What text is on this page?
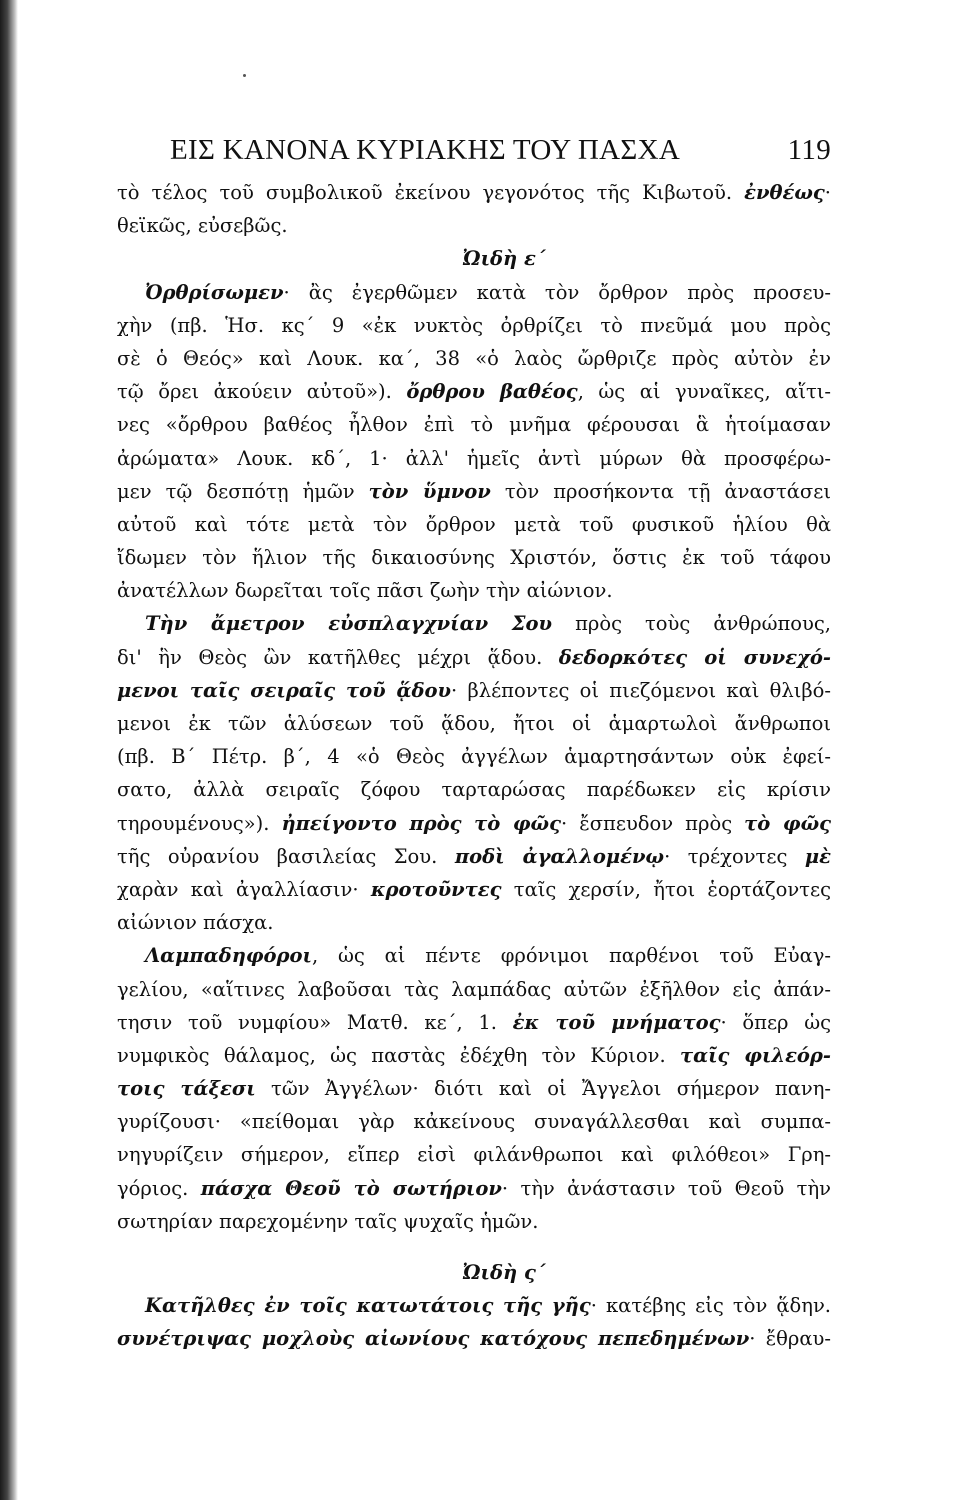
ΕΙΣ ΚΑΝΟΝΑ ΚΥΡΙΑΚΗΣ ΤΟΥ ΠΑΣΧΑ	119
τὸ τέλος τοῦ συμβολικοῦ ἐκείνου γεγονότος τῆς Κιβωτοῦ. ἐνθέως·
θεϊκῶς, εὐσεβῶς.
Ὠιδὴ ε´
Ὀρθρίσωμεν· ἂς ἐγερθῶμεν κατὰ τὸν ὄρθρον πρὸς προσευ-
χὴν (πβ. Ἡσ. κς´ 9 «ἐκ νυκτὸς ὀρθρίζει τὸ πνεῦμά μου πρὸς
σὲ ὁ Θεός» καὶ Λουκ. κα´, 38 «ὁ λαὸς ὤρθριζε πρὸς αὐτὸν ἐν
τῷ ὄρει ἀκούειν αὐτοῦ»). ὄρθρου βαθέος, ὡς αἱ γυναῖκες, αἵτι-
νες «ὄρθρου βαθέος ἦλθον ἐπὶ τὸ μνῆμα φέρουσαι ἃ ἡτοίμασαν
ἀρώματα» Λουκ. κδ´, 1· ἀλλ' ἡμεῖς ἀντὶ μύρων θὰ προσφέρω-
μεν τῷ δεσπότῃ ἡμῶν τὸν ὕμνον τὸν προσήκοντα τῇ ἀναστάσει
αὐτοῦ καὶ τότε μετὰ τὸν ὄρθρον μετὰ τοῦ φυσικοῦ ἡλίου θὰ
ἴδωμεν τὸν ἥλιον τῆς δικαιοσύνης Χριστόν, ὅστις ἐκ τοῦ τάφου
ἀνατέλλων δωρεῖται τοῖς πᾶσι ζωὴν τὴν αἰώνιον.
Τὴν ἄμετρον εὐσπλαγχνίαν Σου πρὸς τοὺς ἀνθρώπους,
δι' ἣν Θεὸς ὢν κατῆλθες μέχρι ᾅδου. δεδορκότες οἱ συνεχό-
μενοι ταῖς σειραῖς τοῦ ᾅδου· βλέποντες οἱ πιεζόμενοι καὶ θλιβό-
μενοι ἐκ τῶν ἁλύσεων τοῦ ᾅδου, ἤτοι οἱ ἁμαρτωλοὶ ἄνθρωποι
(πβ. Β´ Πέτρ. β´, 4 «ὁ Θεὸς ἀγγέλων ἁμαρτησάντων οὐκ ἐφεί-
σατο, ἀλλὰ σειραῖς ζόφου ταρταρώσας παρέδωκεν εἰς κρίσιν
τηρουμένους»). ἠπείγοντο πρὸς τὸ φῶς· ἔσπευδον πρὸς τὸ φῶς
τῆς οὐρανίου βασιλείας Σου. ποδὶ ἀγαλλομένῳ· τρέχοντες μὲ
χαρὰν καὶ ἀγαλλίασιν· κροτοῦντες ταῖς χερσίν, ἤτοι ἑορτάζοντες
αἰώνιον πάσχα.
Λαμπαδηφόροι, ὡς αἱ πέντε φρόνιμοι παρθένοι τοῦ Εὐαγ-
γελίου, «αἵτινες λαβοῦσαι τὰς λαμπάδας αὐτῶν ἐξῆλθον εἰς ἀπάν-
τησιν τοῦ νυμφίου» Ματθ. κε´, 1. ἐκ τοῦ μνήματος· ὅπερ ὡς
νυμφικὸς θάλαμος, ὡς παστὰς ἐδέχθη τὸν Κύριον. ταῖς φιλεόρ-
τοις τάξεσι τῶν Ἀγγέλων· διότι καὶ οἱ Ἄγγελοι σήμερον πανη-
γυρίζουσι· «πείθομαι γὰρ κἀκείνους συναγάλλεσθαι καὶ συμπα-
νηγυρίζειν σήμερον, εἴπερ εἰσὶ φιλάνθρωποι καὶ φιλόθεοι» Γρη-
γόριος. πάσχα Θεοῦ τὸ σωτήριον· τὴν ἀνάστασιν τοῦ Θεοῦ τὴν
σωτηρίαν παρεχομένην ταῖς ψυχαῖς ἡμῶν.
Ὠιδὴ ς´
Κατῆλθες ἐν τοῖς κατωτάτοις τῆς γῆς· κατέβης εἰς τὸν ᾅδην.
συνέτριψας μοχλοὺς αἰωνίους κατόχους πεπεδημένων· ἔθραυ-
